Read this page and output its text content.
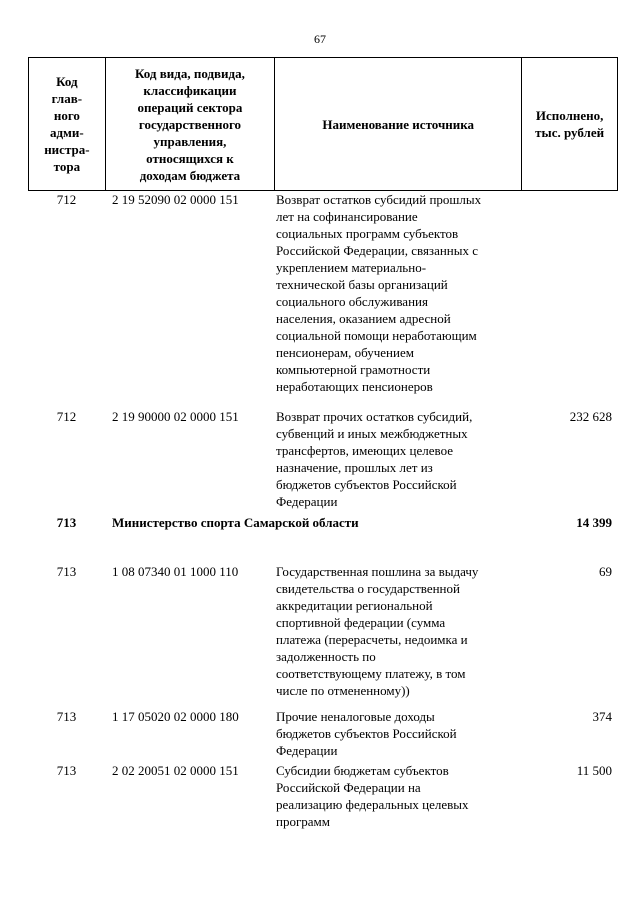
67
Код
глав-
ного
адми-
нистра-
тора
Код вида, подвида,
классификации
операций сектора
государственного
управления,
относящихся к
доходам бюджета
Наименование источника
Исполнено,
тыс. рублей
712	2 19 52090 02 0000 151	Возврат остатков субсидий прошлых
лет на софинансирование
социальных программ субъектов
Российской Федерации, связанных с
укреплением материально-
технической базы организаций
социального обслуживания
населения, оказанием адресной
социальной помощи неработающим
пенсионерам, обучением
компьютерной грамотности
неработающих пенсионеров
712	2 19 90000 02 0000 151	Возврат прочих остатков субсидий,
субвенций и иных межбюджетных
трансфертов, имеющих целевое
назначение, прошлых лет из
бюджетов субъектов Российской
Федерации
232 628
713	Министерство спорта Самарской области	14 399
713	1 08 07340 01 1000 110	Государственная пошлина за выдачу
свидетельства о государственной
аккредитации региональной
спортивной федерации (сумма
платежа (перерасчеты, недоимка и
задолженность по
соответствующему платежу, в том
числе по отмененному))
69
713	1 17 05020 02 0000 180	Прочие неналоговые доходы
бюджетов субъектов Российской
Федерации
374
713	2 02 20051 02 0000 151	Субсидии бюджетам субъектов
Российской Федерации на
реализацию федеральных целевых
программ
11 500
